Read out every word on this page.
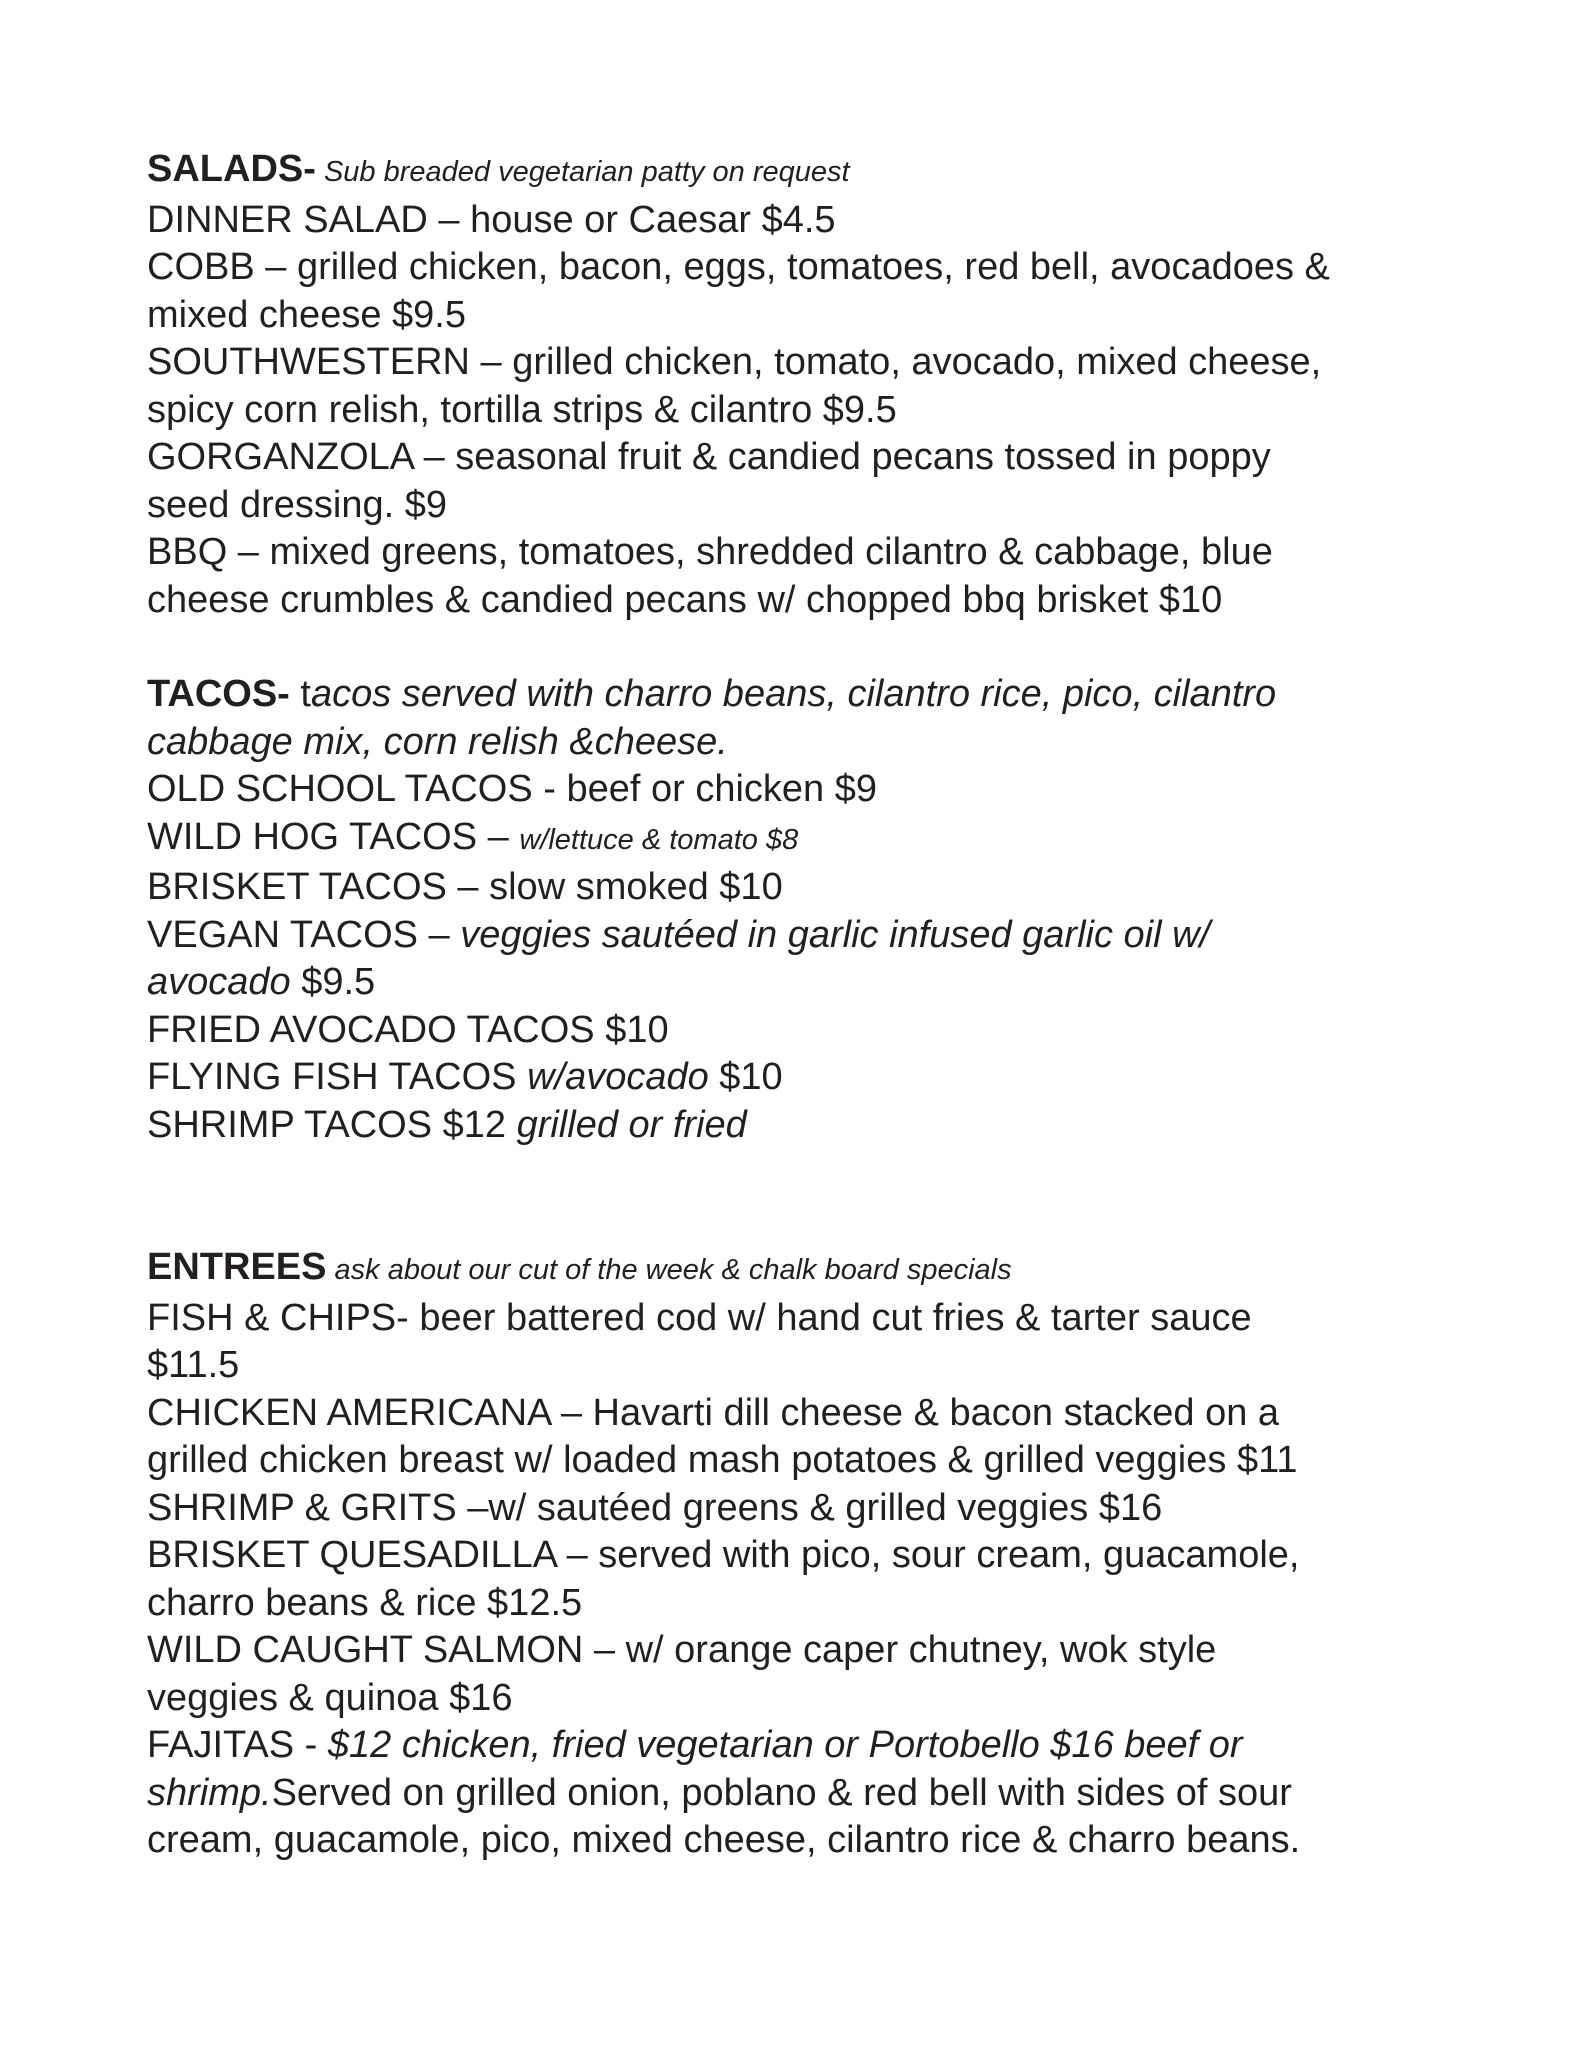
SALADS- Sub breaded vegetarian patty on request
DINNER SALAD – house or Caesar $4.5
COBB – grilled chicken, bacon, eggs, tomatoes, red bell, avocadoes &
mixed cheese $9.5
SOUTHWESTERN – grilled chicken, tomato, avocado, mixed cheese,
spicy corn relish, tortilla strips & cilantro $9.5
GORGANZOLA – seasonal fruit & candied pecans tossed in poppy
seed dressing. $9
BBQ – mixed greens, tomatoes, shredded cilantro & cabbage, blue
cheese crumbles & candied pecans w/ chopped bbq brisket $10
TACOS- tacos served with charro beans, cilantro rice, pico, cilantro
cabbage mix, corn relish &cheese.
OLD SCHOOL TACOS - beef or chicken $9
WILD HOG TACOS – w/lettuce & tomato $8
BRISKET TACOS – slow smoked $10
VEGAN TACOS – veggies sautéed in garlic infused garlic oil w/
avocado $9.5
FRIED AVOCADO TACOS $10
FLYING FISH TACOS w/avocado $10
SHRIMP TACOS $12 grilled or fried
ENTREES ask about our cut of the week & chalk board specials
FISH & CHIPS- beer battered cod w/ hand cut fries & tarter sauce
$11.5
CHICKEN AMERICANA – Havarti dill cheese & bacon stacked on a
grilled chicken breast w/ loaded mash potatoes & grilled veggies $11
SHRIMP & GRITS –w/ sautéed greens & grilled veggies $16
BRISKET QUESADILLA – served with pico, sour cream, guacamole,
charro beans & rice $12.5
WILD CAUGHT SALMON – w/ orange caper chutney, wok style
veggies & quinoa $16
FAJITAS - $12 chicken, fried vegetarian or Portobello $16 beef or
shrimp.Served on grilled onion, poblano & red bell with sides of sour
cream, guacamole, pico, mixed cheese, cilantro rice & charro beans.
